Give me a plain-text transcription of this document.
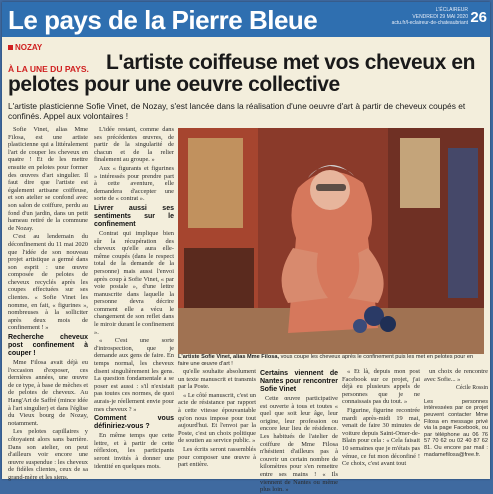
Le pays de la Pierre Bleue	L'ÉCLAIREUR
VENDREDI 29 MAI 2020
actu.fr/l-eclaireur-de-chateaubriant 26
NOZAY
L'artiste coiffeuse met vos cheveux en pelotes pour une oeuvre collective
À LA UNE DU PAYS.
L'artiste plasticienne Sofie Vinet, de Nozay, s'est lancée dans la réalisation d'une oeuvre d'art à partir de cheveux coupés et confinés. Appel aux volontaires !

Sofie Vinet, alias Mme Filosa, est une artiste plasticienne qui a littéralement l'art de couper les cheveux en quatre ! Et de les mettre ensuite en pelotes pour former des œuvres d'art singulier. Il faut dire que l'artiste est également artisane coiffeuse, et son atelier se confond avec son salon de coiffure, perdu au fond d'un jardin, dans un petit hameau retiré de la commune de Nozay.

C'est au lendemain du déconfinement du 11 mai 2020 que l'idée de son nouveau projet artistique a germé dans son esprit : une œuvre composée de pelotes de cheveux recyclés après les coupes effectuées sur ses clientes. « Sofie Vinet les nomme, en fait, « figurines », nombreuses à la solliciter après deux mois de confinement ! »

Recherche cheveux post confinement à couper !

Mme Filosa avait déjà eu l'occasion d'exposer, ces dernières années, une œuvre de ce type, à base de mèches et de pelotes de cheveux. Au Hang'Art de Saffré (mince idée à l'art singulier) et dans l'église du Vieux bourg de Nozay, notamment.

Les pelotes capillaires y côtoyaient alors sans barrière. Dans son atelier, on peut d'ailleurs voir encore une œuvre suspendue : les cheveux de fidèles clientes, ceux de sa grand-mère et les siens.

L'idée restant, comme dans ses précédentes œuvres, de partir de la singularité de chacun et de la relier finalement au groupe. »

Aux « figurants et figurines » intéressés pour prendre part à cette aventure, elle demandera d'accepter une sorte de « contrat ».

Livrer aussi ses sentiments sur le confinement

Contrat qui implique bien sûr la récupération des cheveux qu'elle aura elle-même coupés (dans le respect total de la demande de la personne) mais aussi l'envoi après coup à Sofie Vinet, « par voie postale », d'une lettre manuscrite dans laquelle la personne devra décrire comment elle a vécu le changement de son reflet dans le miroir durant le confinement ».

« C'est une sorte d'introspection, que je demande aux gens de faire. En temps normal, les cheveux disent singulièrement les gens. La question fondamentale a se poser est aussi : s'il n'existait pas toutes ces normes, de quoi aurais-je réellement envie pour mes cheveux ? »

Comment vous définiriez-vous ?

En même temps que cette lettre, et à partir de cette réflexion, les participants seront invités à donner une identité en quelques mots.

L'artiste Sofie Vinet, alias Mme Filosa, vous coupe les cheveux après le confinement puis les met en pelotes pour en faire une œuvre d'art !

qu'elle souhaite absolument un texte manuscrit et transmis par la Poste.

« Le côté manuscrit, c'est un acte de résistance par rapport à cette vitesse épouvantable qu'on nous impose pour tout aujourd'hui. Et l'envoi par la Poste, c'est un choix politique de soutien au service public. »

Les écrits seront rassemblés pour composer une œuvre à part entière.

Certains viennent de Nantes pour rencontrer Sofie Vinet

Cette œuvre participative est ouverte à tous et toutes « quel que soit leur âge, leur origine, leur profession ou encore leur lieu de résidence. Les habitués de l'atelier de coiffure de Mme Filosa n'hésitent d'ailleurs pas à couvrir un certain nombre de kilomètres pour s'en remettre entre ses mains ! « Ils viennent de Nantes ou même plus loin. »

« Et là, depuis mon post Facebook sur ce projet, j'ai déjà eu plusieurs appels de personnes que je ne connaissais pas du tout. »

Figurine, figurine recontrée mardi après-midi 19 mai, venait de faire 30 minutes de voiture depuis Saint-Omer-de-Blain pour cela : « Cela faisait 10 semaines que je m'étais pas vénue, ce fut mon déconfiné ! Ce choix, c'est avant tout

un choix de rencontre avec Sofie... »

Cécile Rossin

Les personnes intéressées par ce projet peuvent contacter Mme Filosa en message privé via la page Facebook, ou par téléphone au 06 76 57 70 62 ou 02 40 87 62 81. Ou encore par mail : madamefilosa@free.fr.
